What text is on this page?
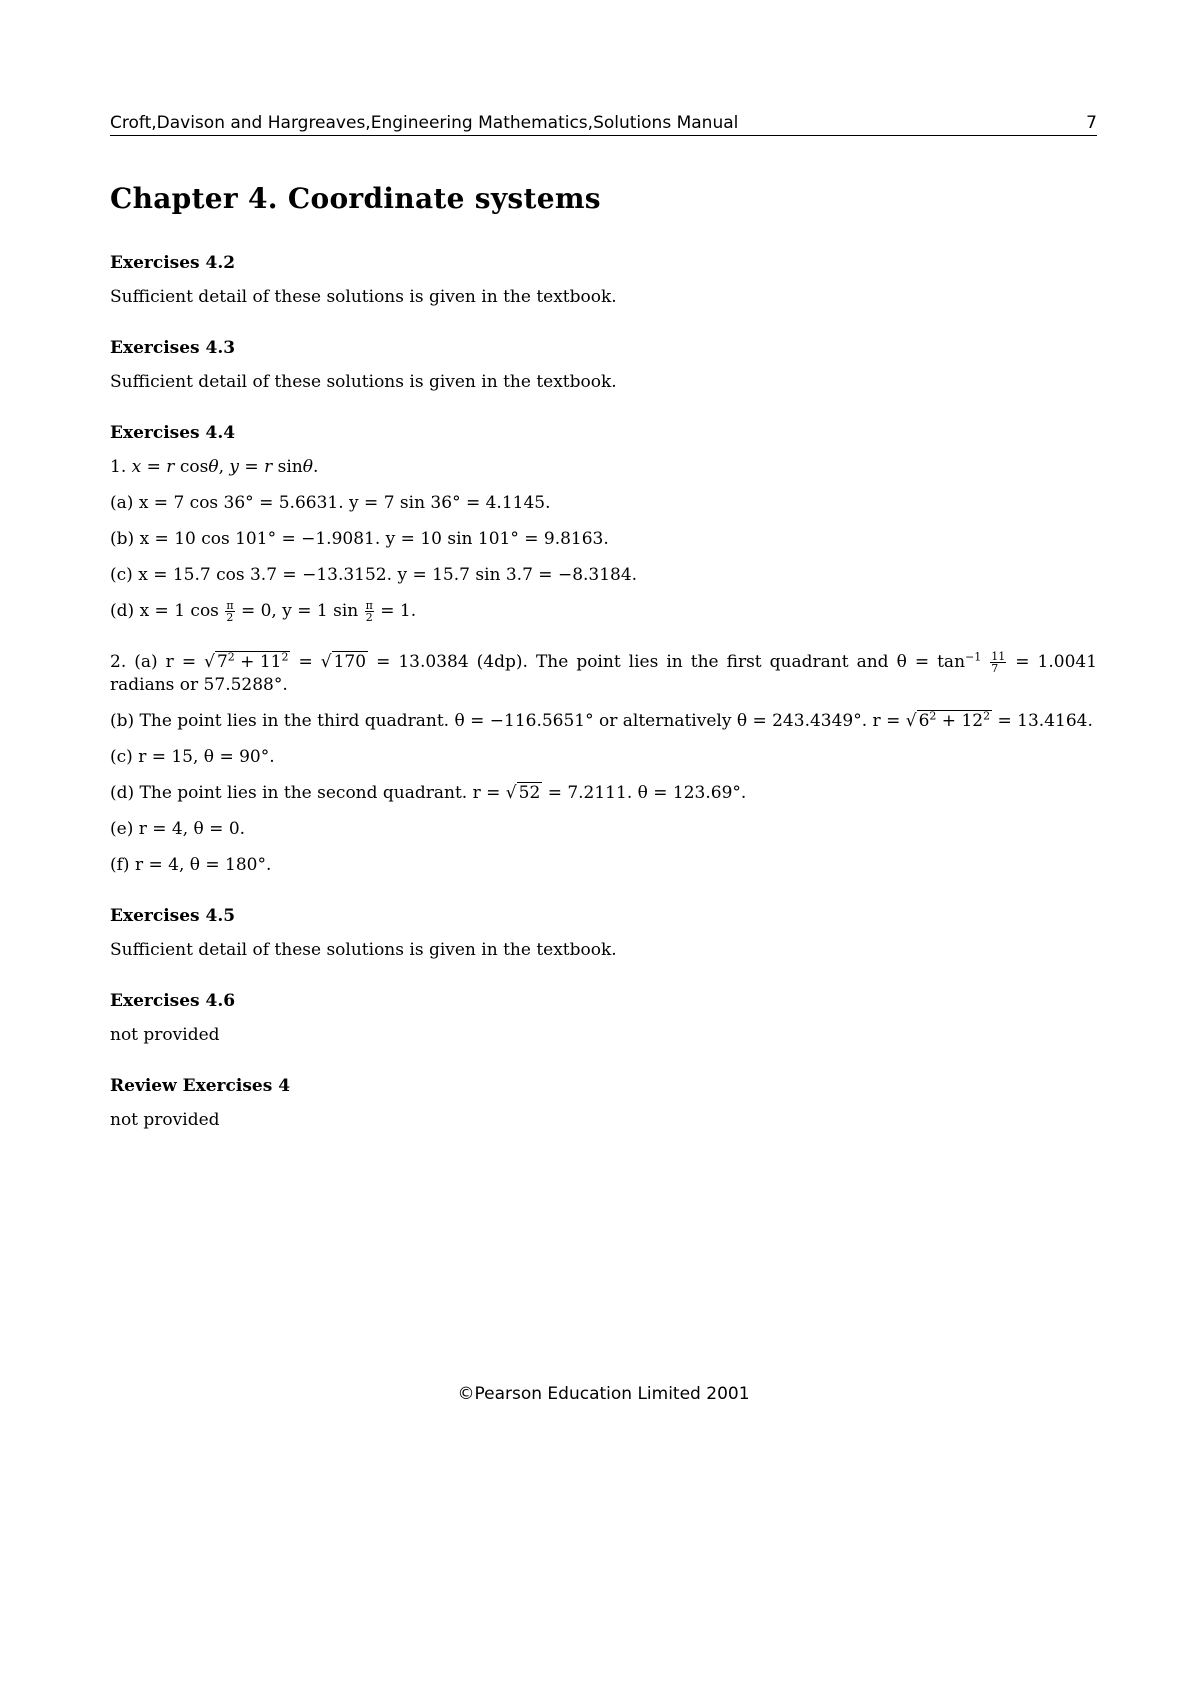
Croft,Davison and Hargreaves,Engineering Mathematics,Solutions Manual	7
Chapter 4. Coordinate systems
Exercises 4.2

Sufficient detail of these solutions is given in the textbook.

Exercises 4.3

Sufficient detail of these solutions is given in the textbook.

Exercises 4.4

1. x = r cosθ, y = r sinθ.

(a) x = 7 cos 36° = 5.6631. y = 7 sin 36° = 4.1145.

(b) x = 10 cos 101° = −1.9081. y = 10 sin 101° = 9.8163.

(c) x = 15.7 cos 3.7 = −13.3152. y = 15.7 sin 3.7 = −8.3184.

(d) x = 1 $\cos \frac{\pi}{2} = 0$, y = 1 $\sin \frac{\pi}{2} = 1$.

2. (a) r = √ $7^2 + 11^2$ = √ 170 = 13.0384 (4dp). The point lies in the first quadrant and $\theta = \tan^{-1} \frac{11}{7} = 1.0041$ radians or 57.5288°.

(b) The point lies in the third quadrant. θ = −116.5651° or alternatively θ = 243.4349°. r = √ $6^2 + 12^2 = 13.4164$.

(c) r = 15, θ = 90°.

(d) The point lies in the second quadrant. r = √ 52 = 7.2111. θ = 123.69°.

(e) r = 4, θ = 0.

(f) r = 4, θ = 180°.

Exercises 4.5

Sufficient detail of these solutions is given in the textbook.

Exercises 4.6

not provided

Review Exercises 4

not provided

©Pearson Education Limited 2001
